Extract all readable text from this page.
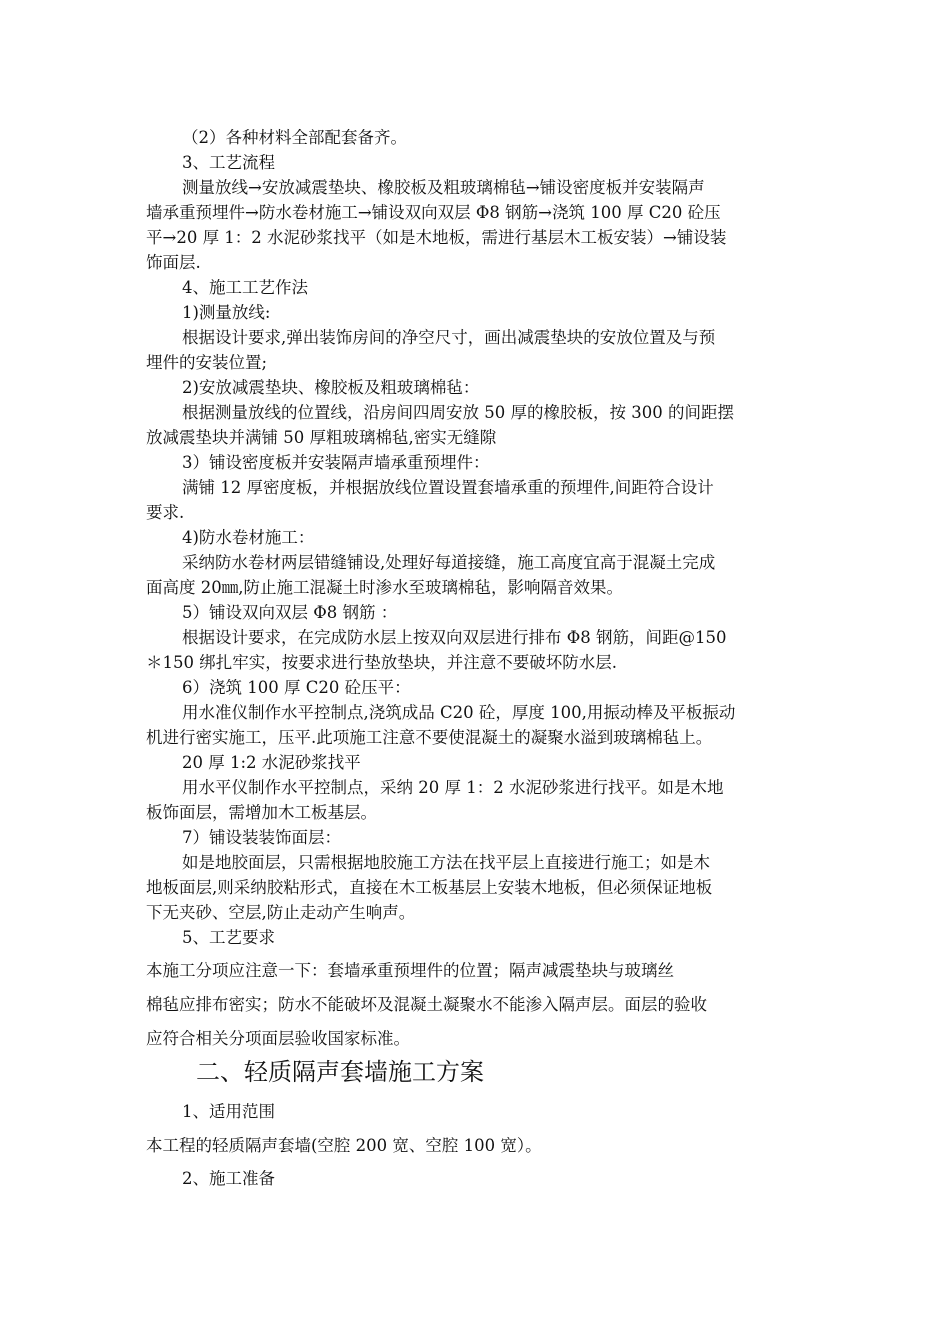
（2）各种材料全部配套备齐。
3、工艺流程
测量放线→安放减震垫块、橡胶板及粗玻璃棉毡→铺设密度板并安装隔声
墙承重预埋件→防水卷材施工→铺设双向双层 Φ8 钢筋→浇筑 100 厚 C20 砼压
平→20 厚 1：2 水泥砂浆找平（如是木地板，需进行基层木工板安装）→铺设装
饰面层.
4、施工工艺作法
1)测量放线:
根据设计要求,弹出装饰房间的净空尺寸，画出减震垫块的安放位置及与预
埋件的安装位置;
2)安放减震垫块、橡胶板及粗玻璃棉毡：
根据测量放线的位置线，沿房间四周安放 50 厚的橡胶板，按 300 的间距摆
放减震垫块并满铺 50 厚粗玻璃棉毡,密实无缝隙
3）铺设密度板并安装隔声墙承重预埋件：
满铺 12 厚密度板，并根据放线位置设置套墙承重的预埋件,间距符合设计
要求.
4)防水卷材施工：
采纳防水卷材两层错缝铺设,处理好每道接缝，施工高度宜高于混凝土完成
面高度 20㎜,防止施工混凝土时渗水至玻璃棉毡，影响隔音效果。
5）铺设双向双层 Φ8 钢筋 ：
根据设计要求，在完成防水层上按双向双层进行排布 Φ8 钢筋，间距@150
＊150 绑扎牢实，按要求进行垫放垫块，并注意不要破坏防水层.
6）浇筑 100 厚 C20 砼压平：
用水准仪制作水平控制点,浇筑成品 C20 砼，厚度 100,用振动棒及平板振动
机进行密实施工，压平.此项施工注意不要使混凝土的凝聚水溢到玻璃棉毡上。
20 厚 1:2 水泥砂浆找平
用水平仪制作水平控制点，采纳 20 厚 1：2 水泥砂浆进行找平。如是木地
板饰面层，需增加木工板基层。
7）铺设装装饰面层：
如是地胶面层，只需根据地胶施工方法在找平层上直接进行施工；如是木
地板面层,则采纳胶粘形式，直接在木工板基层上安装木地板，但必须保证地板
下无夹砂、空层,防止走动产生响声。
5、工艺要求
本施工分项应注意一下：套墙承重预埋件的位置；隔声减震垫块与玻璃丝
棉毡应排布密实；防水不能破坏及混凝土凝聚水不能渗入隔声层。面层的验收
应符合相关分项面层验收国家标准。
二、轻质隔声套墙施工方案
1、适用范围
本工程的轻质隔声套墙(空腔 200 宽、空腔 100 宽）。
2、施工准备
